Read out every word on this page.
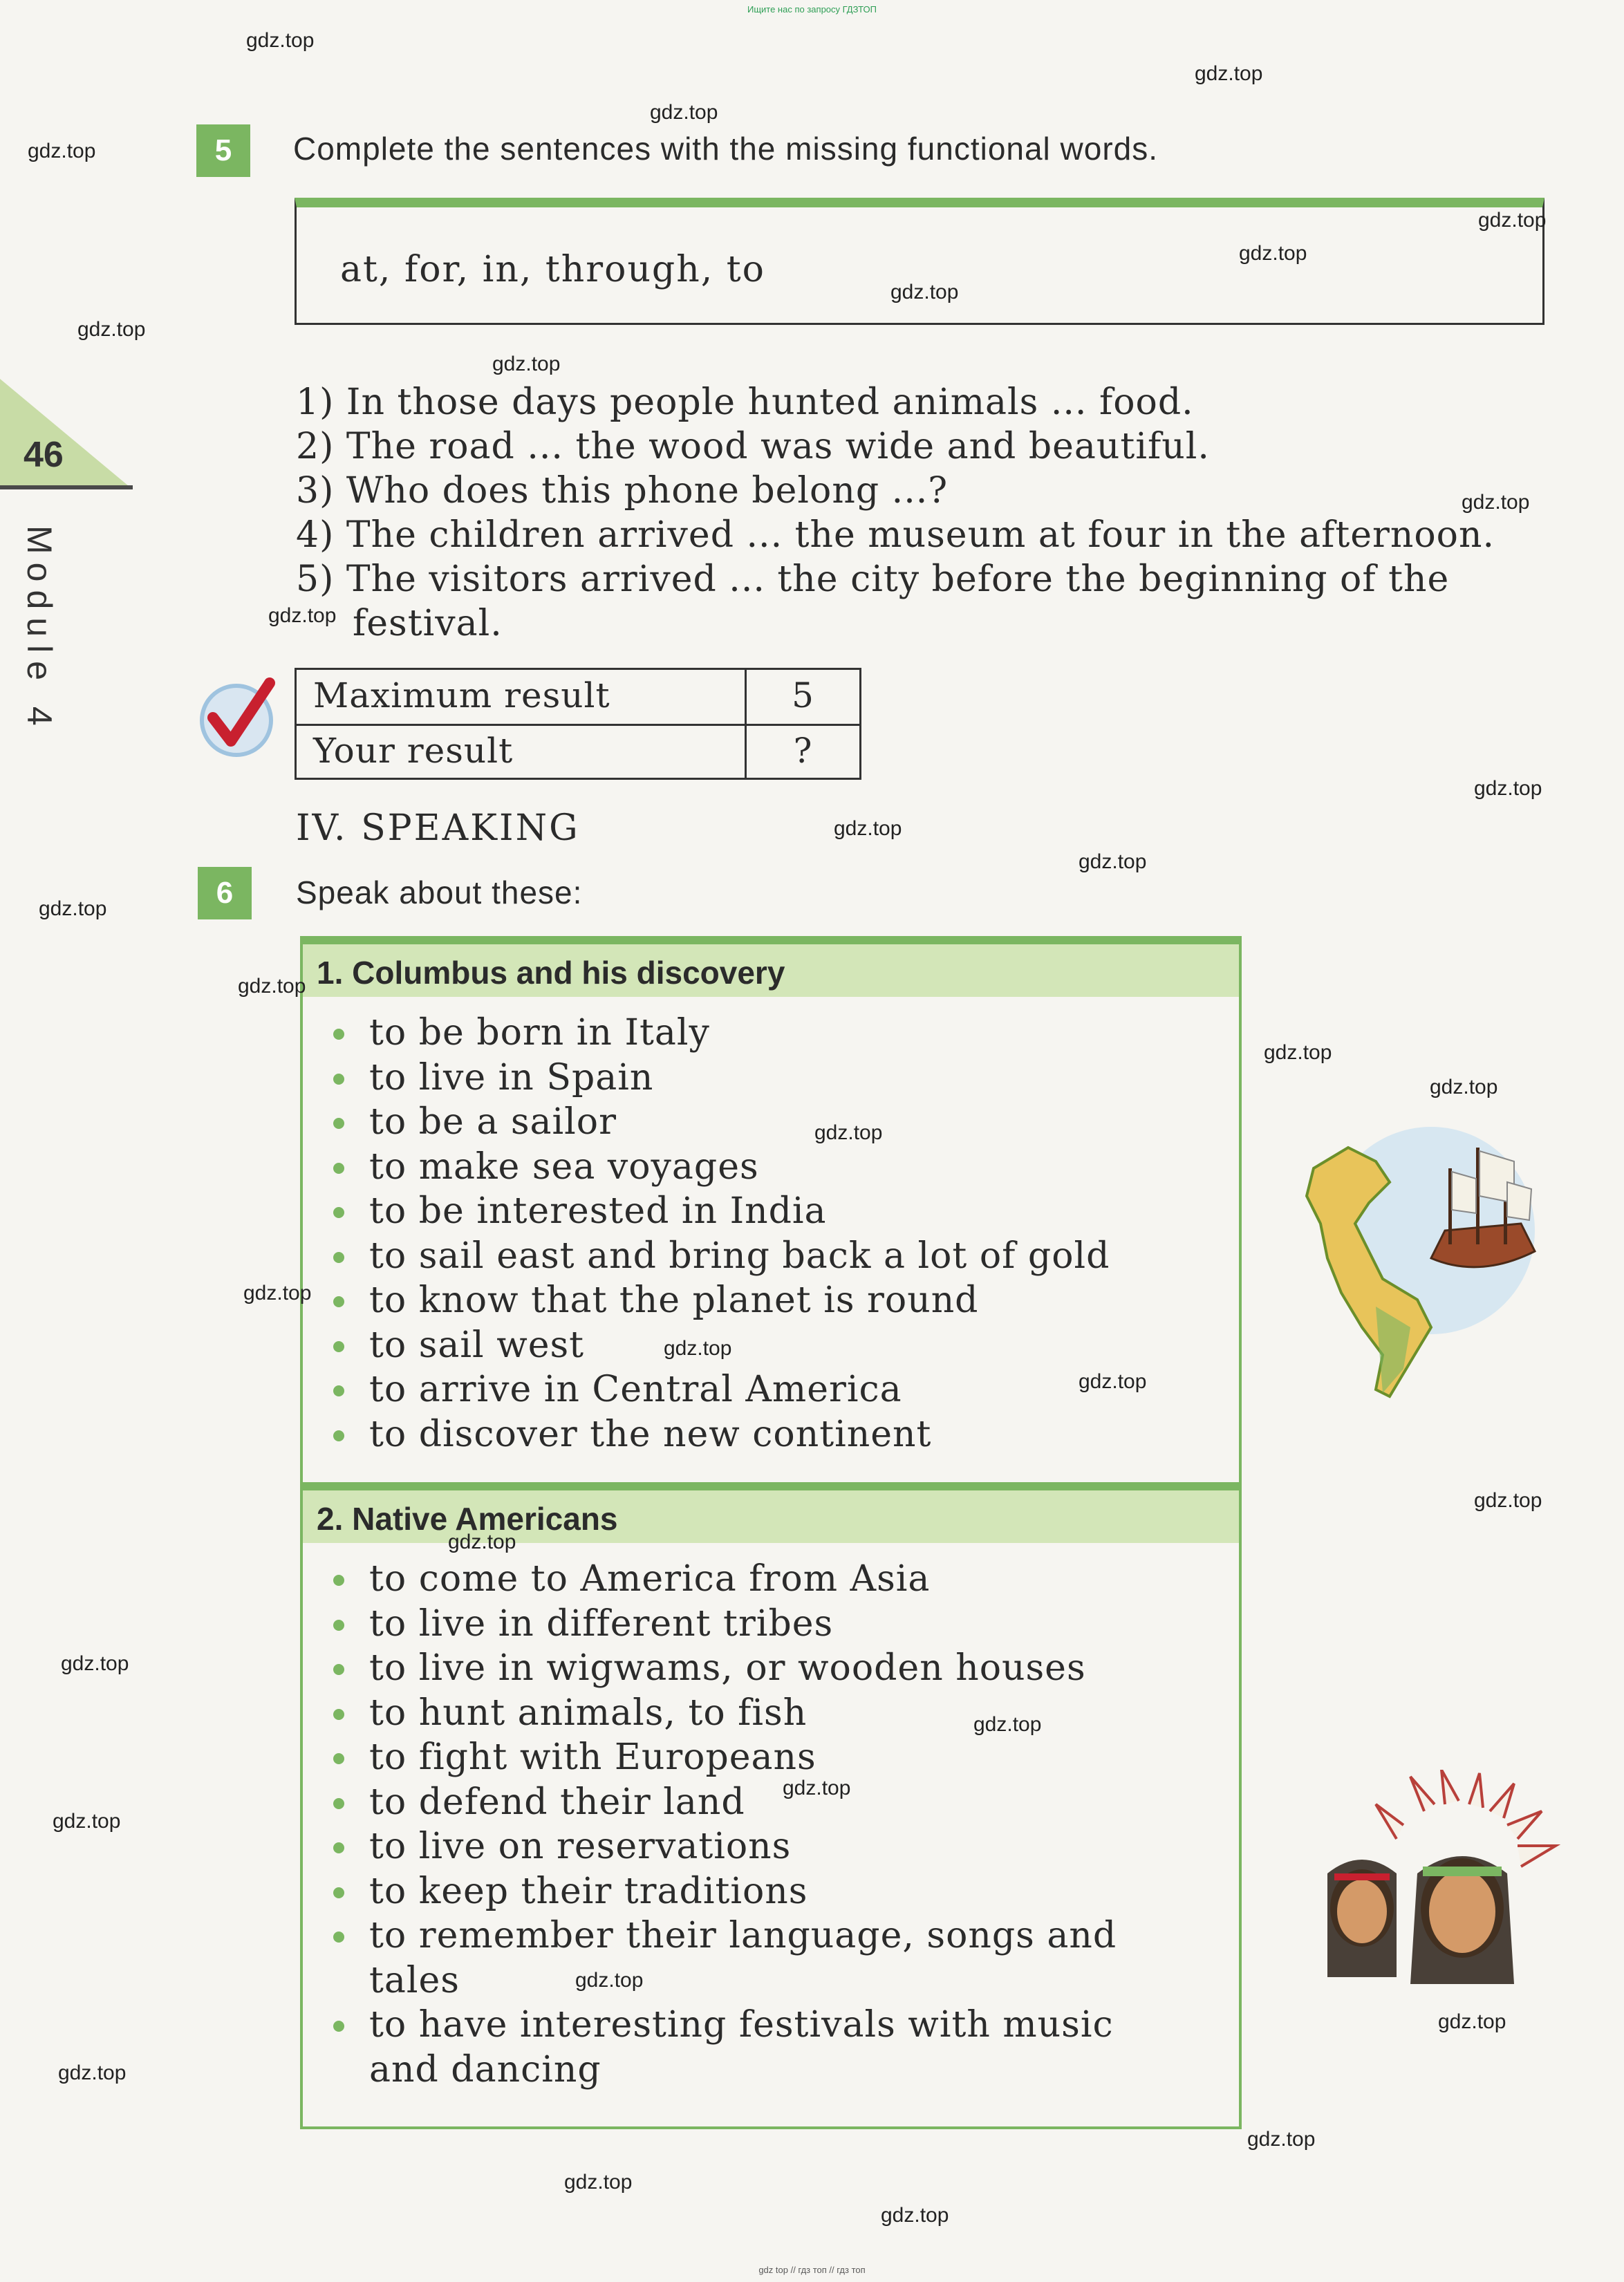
Ищите нас по запросу ГДЗТОП
gdz top // гдз топ // гдз топ
46
Module 4
5	Complete the sentences with the missing functional words.
at, for, in, through, to
1) In those days people hunted animals ... food.
2) The road ... the wood was wide and beautiful.
3) Who does this phone belong ...?
4) The children arrived ... the museum at four in the afternoon.
5) The visitors arrived ... the city before the beginning of the
festival.
Maximum result	5
Your result	?
IV. SPEAKING
6	Speak about these:
1. Columbus and his discovery
to be born in Italy
to live in Spain
to be a sailor
to make sea voyages
to be interested in India
to sail east and bring back a lot of gold
to know that the planet is round
to sail west
to arrive in Central America
to discover the new continent
2. Native Americans
to come to America from Asia
to live in different tribes
to live in wigwams, or wooden houses
to hunt animals, to fish
to fight with Europeans
to defend their land
to live on reservations
to keep their traditions
to remember their language, songs and
tales
to have interesting festivals with music
and dancing
gdz.top
gdz.top
gdz.top
gdz.top
gdz.top
gdz.top
gdz.top
gdz.top
gdz.top
gdz.top
gdz.top
gdz.top
gdz.top
gdz.top
gdz.top
gdz.top
gdz.top
gdz.top
gdz.top
gdz.top
gdz.top
gdz.top
gdz.top
gdz.top
gdz.top
gdz.top
gdz.top
gdz.top
gdz.top
gdz.top
gdz.top
gdz.top
gdz.top
gdz.top
